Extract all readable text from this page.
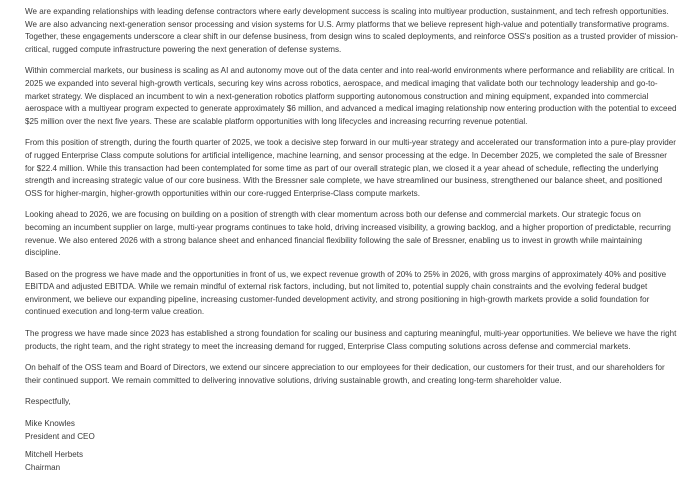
We are expanding relationships with leading defense contractors where early development success is scaling into multiyear production, sustainment, and tech refresh opportunities. We are also advancing next-generation sensor processing and vision systems for U.S. Army platforms that we believe represent high-value and potentially transformative programs. Together, these engagements underscore a clear shift in our defense business, from design wins to scaled deployments, and reinforce OSS's position as a trusted provider of mission-critical, rugged compute infrastructure powering the next generation of defense systems.

Within commercial markets, our business is scaling as AI and autonomy move out of the data center and into real-world environments where performance and reliability are critical. In 2025 we expanded into several high-growth verticals, securing key wins across robotics, aerospace, and medical imaging that validate both our technology leadership and go-to-market strategy. We displaced an incumbent to win a next-generation robotics platform supporting autonomous construction and mining equipment, expanded into commercial aerospace with a multiyear program expected to generate approximately $6 million, and advanced a medical imaging relationship now entering production with the potential to exceed $25 million over the next five years. These are scalable platform opportunities with long lifecycles and increasing recurring revenue potential.

From this position of strength, during the fourth quarter of 2025, we took a decisive step forward in our multi-year strategy and accelerated our transformation into a pure-play provider of rugged Enterprise Class compute solutions for artificial intelligence, machine learning, and sensor processing at the edge. In December 2025, we completed the sale of Bressner for $22.4 million. While this transaction had been contemplated for some time as part of our overall strategic plan, we closed it a year ahead of schedule, reflecting the underlying strength and increasing strategic value of our core business. With the Bressner sale complete, we have streamlined our business, strengthened our balance sheet, and positioned OSS for higher-margin, higher-growth opportunities within our core-rugged Enterprise-Class compute markets.

Looking ahead to 2026, we are focusing on building on a position of strength with clear momentum across both our defense and commercial markets. Our strategic focus on becoming an incumbent supplier on large, multi-year programs continues to take hold, driving increased visibility, a growing backlog, and a higher proportion of predictable, recurring revenue. We also entered 2026 with a strong balance sheet and enhanced financial flexibility following the sale of Bressner, enabling us to invest in growth while maintaining discipline.

Based on the progress we have made and the opportunities in front of us, we expect revenue growth of 20% to 25% in 2026, with gross margins of approximately 40% and positive EBITDA and adjusted EBITDA. While we remain mindful of external risk factors, including, but not limited to, potential supply chain constraints and the evolving federal budget environment, we believe our expanding pipeline, increasing customer-funded development activity, and strong positioning in high-growth markets provide a solid foundation for continued execution and long-term value creation.

The progress we have made since 2023 has established a strong foundation for scaling our business and capturing meaningful, multi-year opportunities. We believe we have the right products, the right team, and the right strategy to meet the increasing demand for rugged, Enterprise Class computing solutions across defense and commercial markets.

On behalf of the OSS team and Board of Directors, we extend our sincere appreciation to our employees for their dedication, our customers for their trust, and our shareholders for their continued support. We remain committed to delivering innovative solutions, driving sustainable growth, and creating long-term shareholder value.

Respectfully,

Mike Knowles
President and CEO
Mitchell Herbets
Chairman
